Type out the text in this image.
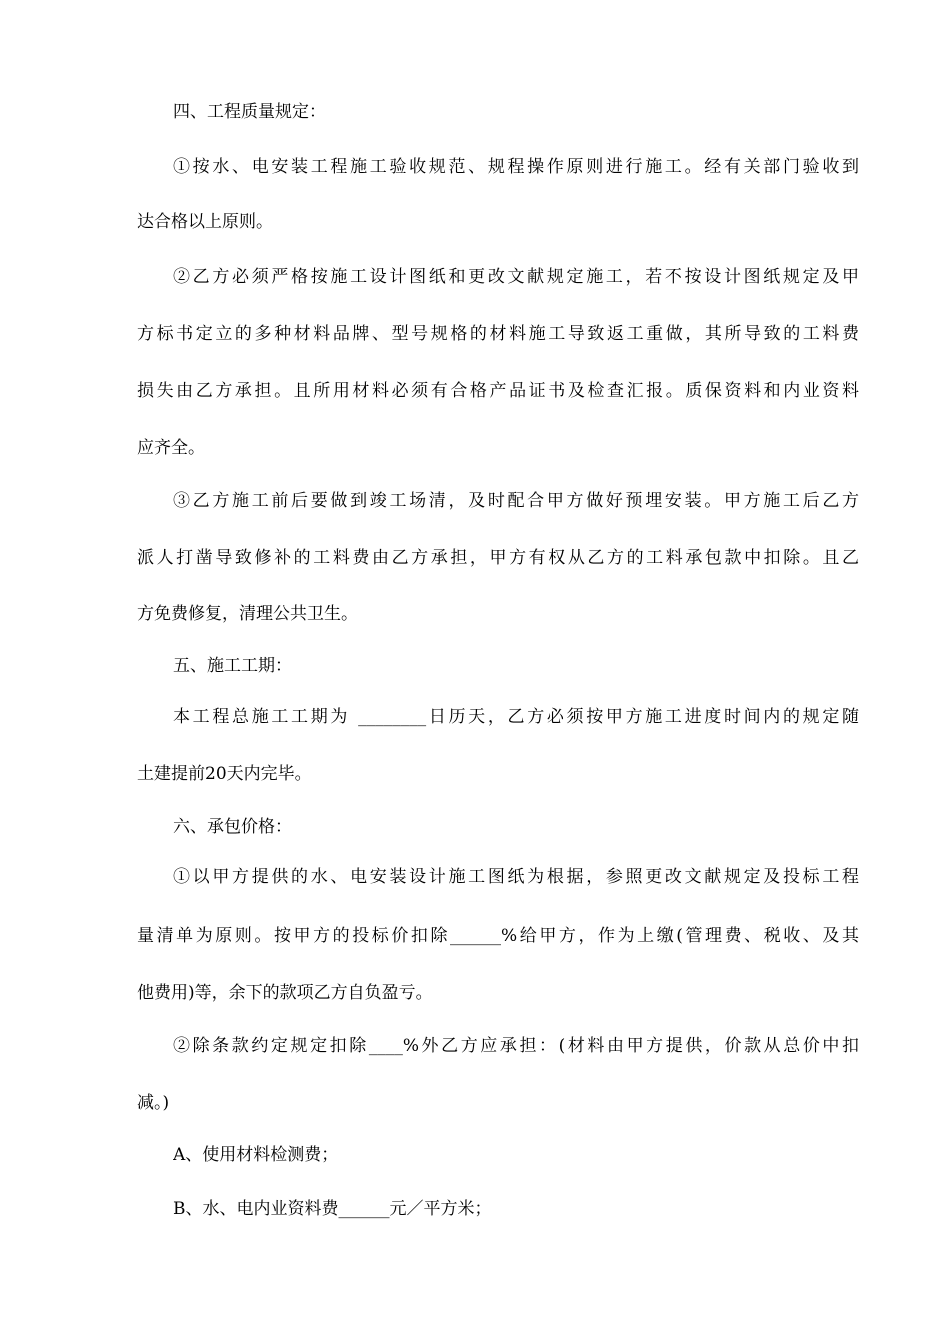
四、工程质量规定：
①按水、电安装工程施工验收规范、规程操作原则进行施工。经有关部门验收到
达合格以上原则。
②乙方必须严格按施工设计图纸和更改文献规定施工，若不按设计图纸规定及甲
方标书定立的多种材料品牌、型号规格的材料施工导致返工重做，其所导致的工料费
损失由乙方承担。且所用材料必须有合格产品证书及检查汇报。质保资料和内业资料
应齐全。
③乙方施工前后要做到竣工场清，及时配合甲方做好预埋安装。甲方施工后乙方
派人打凿导致修补的工料费由乙方承担，甲方有权从乙方的工料承包款中扣除。且乙
方免费修复，清理公共卫生。
五、施工工期：
本工程总施工工期为 ________日历天，乙方必须按甲方施工进度时间内的规定随
土建提前20天内完毕。
六、承包价格：
①以甲方提供的水、电安装设计施工图纸为根据，参照更改文献规定及投标工程
量清单为原则。按甲方的投标价扣除______%给甲方，作为上缴(管理费、税收、及其
他费用)等，余下的款项乙方自负盈亏。
②除条款约定规定扣除____%外乙方应承担：(材料由甲方提供，价款从总价中扣
减。)
A、使用材料检测费；
B、水、电内业资料费______元／平方米；
